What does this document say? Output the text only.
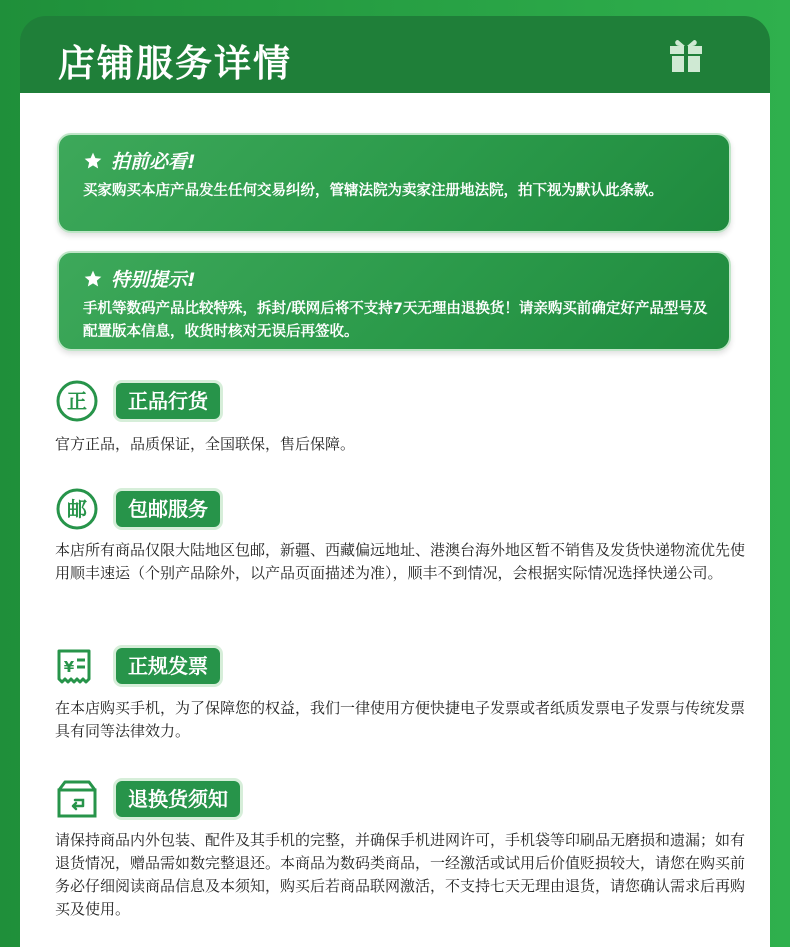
店铺服务详情
拍前必看!
买家购买本店产品发生任何交易纠纷，管辖法院为卖家注册地法院，拍下视为默认此条款。
特别提示!
手机等数码产品比较特殊，拆封/联网后将不支持7天无理由退换货！请亲购买前确定好产品型号及配置版本信息，收货时核对无误后再签收。
正	正品行货
官方正品，品质保证，全国联保，售后保障。
邮	包邮服务
本店所有商品仅限大陆地区包邮，新疆、西藏偏远地址、港澳台海外地区暂不销售及发货快递物流优先使用顺丰速运（个别产品除外，以产品页面描述为准），顺丰不到情况，会根据实际情况选择快递公司。
¥	正规发票
在本店购买手机，为了保障您的权益，我们一律使用方便快捷电子发票或者纸质发票电子发票与传统发票具有同等法律效力。
退换货须知
请保持商品内外包装、配件及其手机的完整，并确保手机进网许可，手机袋等印刷品无磨损和遗漏；如有退货情况，赠品需如数完整退还。本商品为数码类商品，一经激活或试用后价值贬损较大，请您在购买前务必仔细阅读商品信息及本须知，购买后若商品联网激活，不支持七天无理由退货，请您确认需求后再购买及使用。
